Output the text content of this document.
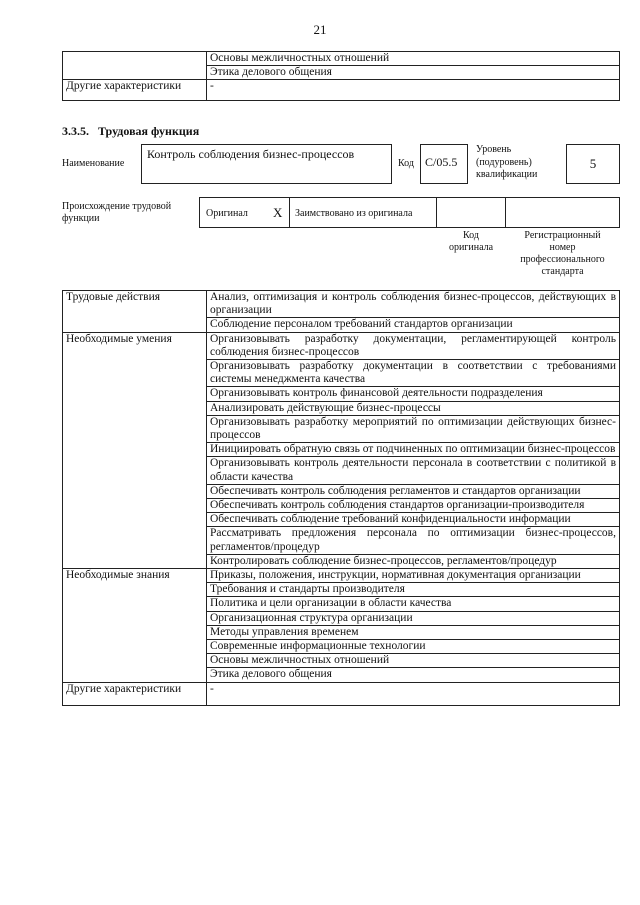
21
	Основы межличностных отношений
	Этика делового общения
Другие характеристики	-
3.3.5. Трудовая функция
Наименование
Контроль соблюдения бизнес-процессов
Код C/05.5
Уровень
(подуровень)
квалификации
5
Происхождение трудовой
функции	Оригинал X Заимствовано из оригинала
Код
оригинала
Регистрационный
номер
профессионального
стандарта
Трудовые действия	Анализ, оптимизация и контроль соблюдения бизнес-процессов, действующих в организации
	Соблюдение персоналом требований стандартов организации
Необходимые умения	Организовывать разработку документации, регламентирующей контроль соблюдения бизнес-процессов
	Организовывать разработку документации в соответствии с требованиями системы менеджмента качества
	Организовывать контроль финансовой деятельности подразделения
	Анализировать действующие бизнес-процессы
	Организовывать разработку мероприятий по оптимизации действующих бизнес-процессов
	Инициировать обратную связь от подчиненных по оптимизации бизнес-процессов
	Организовывать контроль деятельности персонала в соответствии с политикой в области качества
	Обеспечивать контроль соблюдения регламентов и стандартов организации
	Обеспечивать контроль соблюдения стандартов организации-производителя
	Обеспечивать соблюдение требований конфиденциальности информации
	Рассматривать предложения персонала по оптимизации бизнес-процессов, регламентов/процедур
	Контролировать соблюдение бизнес-процессов, регламентов/процедур
Необходимые знания	Приказы, положения, инструкции, нормативная документация организации
	Требования и стандарты производителя
	Политика и цели организации в области качества
	Организационная структура организации
	Методы управления временем
	Современные информационные технологии
	Основы межличностных отношений
	Этика делового общения
Другие характеристики	-
